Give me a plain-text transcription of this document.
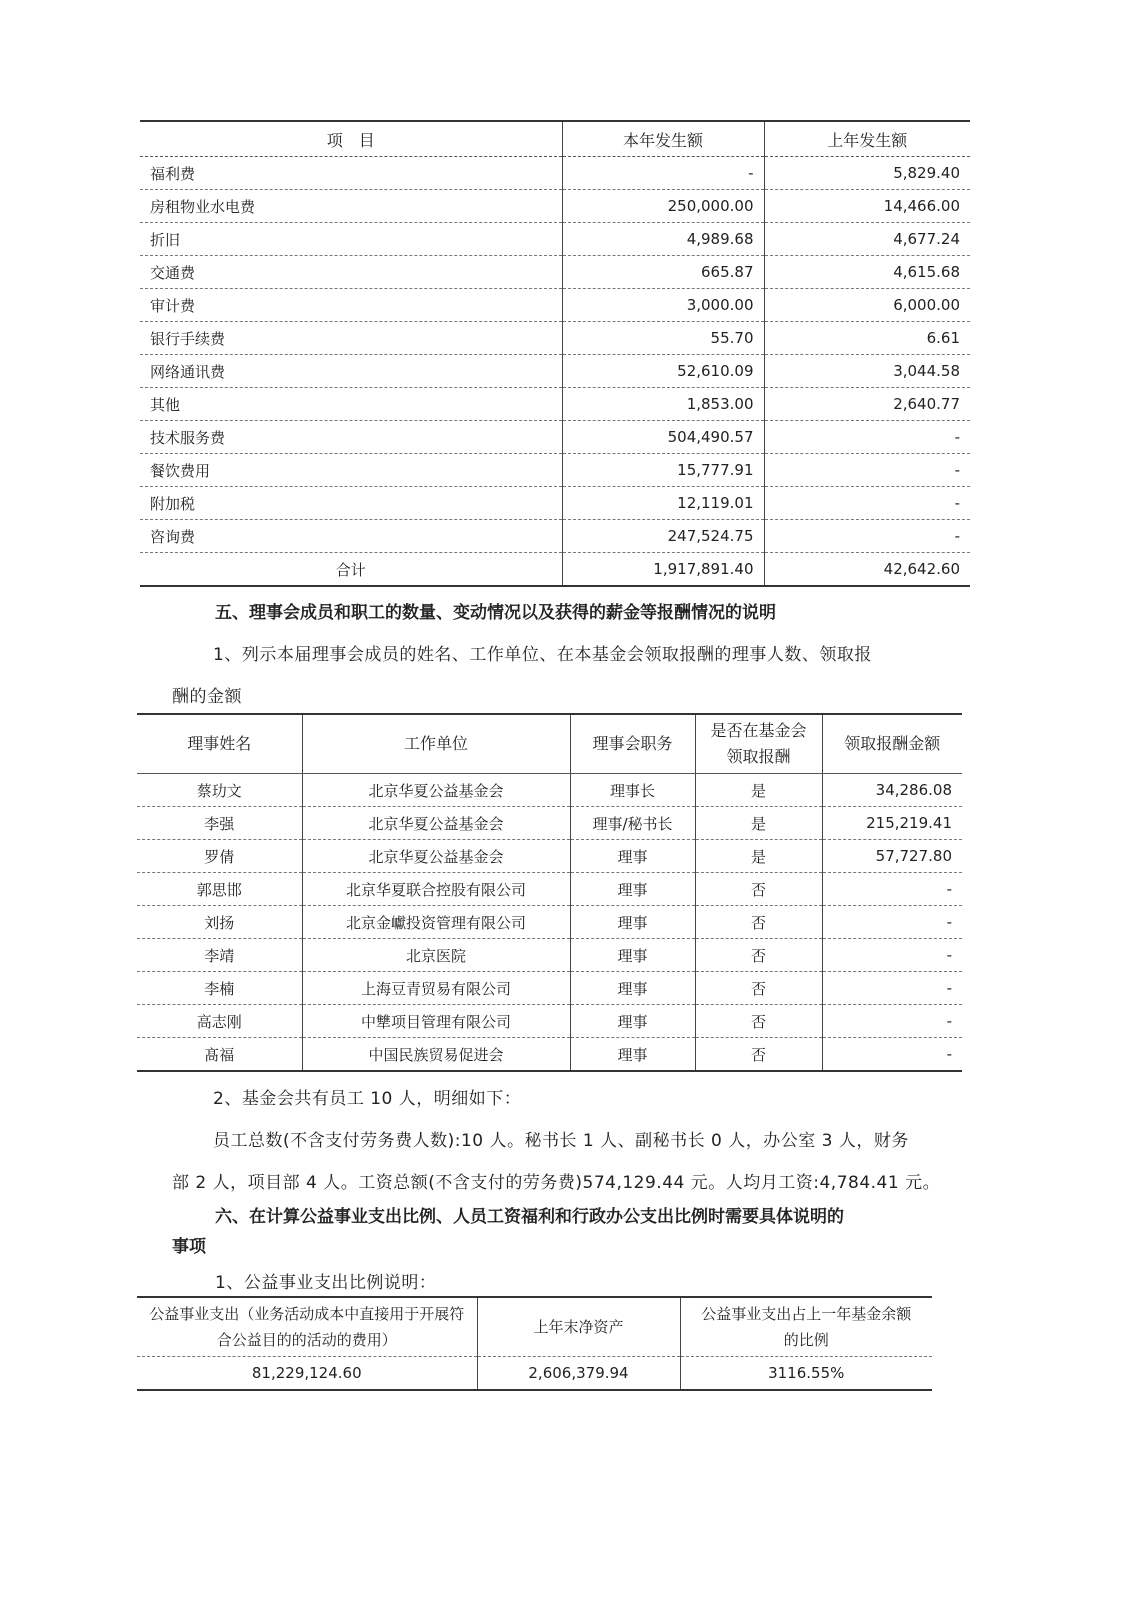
项　目	本年发生额	上年发生额
福利费	-	5,829.40
房租物业水电费	250,000.00	14,466.00
折旧	4,989.68	4,677.24
交通费	665.87	4,615.68
审计费	3,000.00	6,000.00
银行手续费	55.70	6.61
网络通讯费	52,610.09	3,044.58
其他	1,853.00	2,640.77
技术服务费	504,490.57	-
餐饮费用	15,777.91	-
附加税	12,119.01	-
咨询费	247,524.75	-
合计	1,917,891.40	42,642.60
五、理事会成员和职工的数量、变动情况以及获得的薪金等报酬情况的说明
1、列示本届理事会成员的姓名、工作单位、在本基金会领取报酬的理事人数、领取报
酬的金额
理事姓名	工作单位	理事会职务	是否在基金会领取报酬	领取报酬金额
蔡玏文	北京华夏公益基金会	理事长	是	34,286.08
李强	北京华夏公益基金会	理事/秘书长	是	215,219.41
罗倩	北京华夏公益基金会	理事	是	57,727.80
郭思邯	北京华夏联合控股有限公司	理事	否	-
刘扬	北京金巘投资管理有限公司	理事	否	-
李靖	北京医院	理事	否	-
李楠	上海豆青贸易有限公司	理事	否	-
高志刚	中犨项目管理有限公司	理事	否	-
髙福	中国民族贸易促进会	理事	否	-
2、基金会共有员工 10 人，明细如下：
员工总数(不含支付劳务费人数):10 人。秘书长 1 人、副秘书长 0 人，办公室 3 人，财务
部 2 人，项目部 4 人。工资总额(不含支付的劳务费)574,129.44 元。人均月工资:4,784.41 元。
六、在计算公益事业支出比例、人员工资福利和行政办公支出比例时需要具体说明的
事项
1、公益事业支出比例说明：
公益事业支出（业务活动成本中直接用于开展符合公益目的的活动的费用）	上年末净资产	公益事业支出占上一年基金余额的比例
81,229,124.60	2,606,379.94	3116.55%
